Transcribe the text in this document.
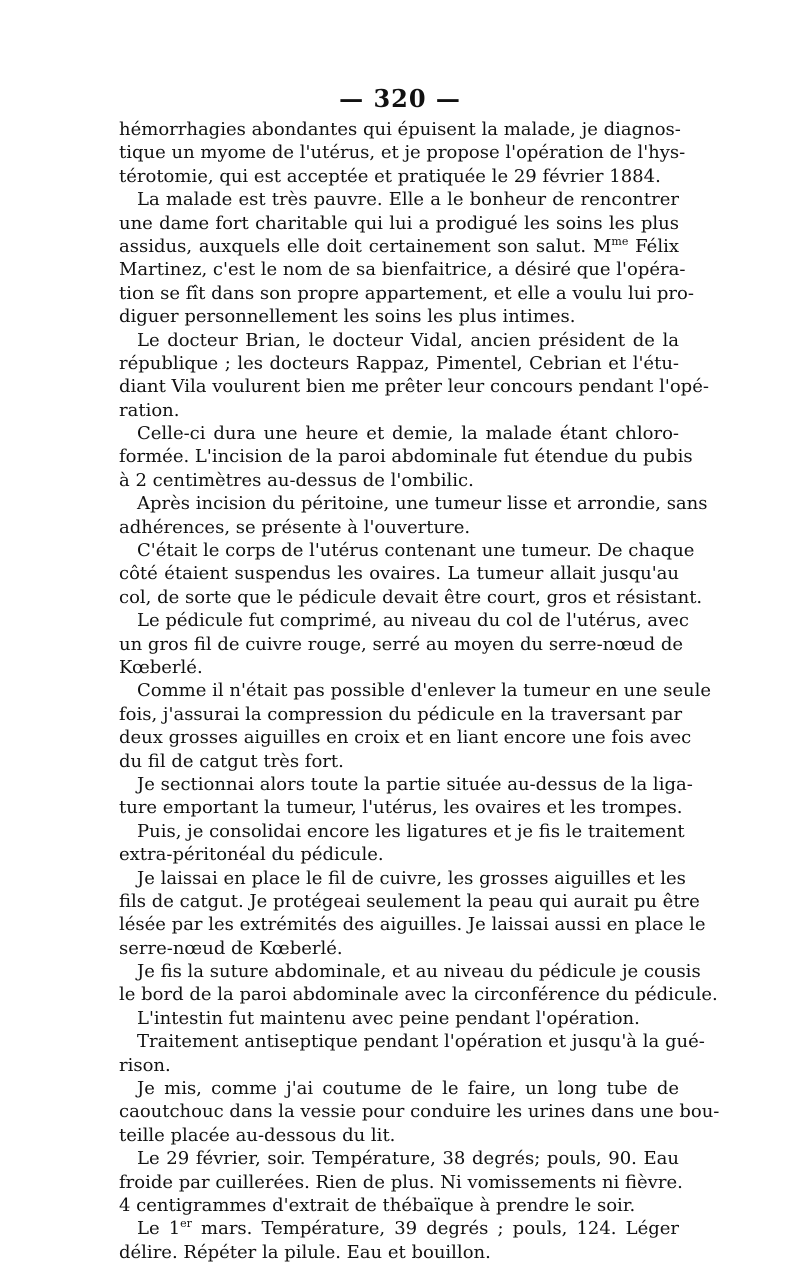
— 320 —
hémorrhagies abondantes qui épuisent la malade, je diagnos-
tique un myome de l'utérus, et je propose l'opération de l'hys-
térotomie, qui est acceptée et pratiquée le 29 février 1884.
La malade est très pauvre. Elle a le bonheur de rencontrer
une dame fort charitable qui lui a prodigué les soins les plus
assidus, auxquels elle doit certainement son salut. $M^{me}$ Félix
Martinez, c'est le nom de sa bienfaitrice, a désiré que l'opéra-
tion se fît dans son propre appartement, et elle a voulu lui pro-
diguer personnellement les soins les plus intimes.
Le docteur Brian, le docteur Vidal, ancien président de la
république ; les docteurs Rappaz, Pimentel, Cebrian et l'étu-
diant Vila voulurent bien me prêter leur concours pendant l'opé-
ration.
Celle-ci dura une heure et demie, la malade étant chloro-
formée. L'incision de la paroi abdominale fut étendue du pubis
à 2 centimètres au-dessus de l'ombilic.
Après incision du péritoine, une tumeur lisse et arrondie, sans
adhérences, se présente à l'ouverture.
C'était le corps de l'utérus contenant une tumeur. De chaque
côté étaient suspendus les ovaires. La tumeur allait jusqu'au
col, de sorte que le pédicule devait être court, gros et résistant.
Le pédicule fut comprimé, au niveau du col de l'utérus, avec
un gros fil de cuivre rouge, serré au moyen du serre-nœud de
Kœberlé.
Comme il n'était pas possible d'enlever la tumeur en une seule
fois, j'assurai la compression du pédicule en la traversant par
deux grosses aiguilles en croix et en liant encore une fois avec
du fil de catgut très fort.
Je sectionnai alors toute la partie située au-dessus de la liga-
ture emportant la tumeur, l'utérus, les ovaires et les trompes.
Puis, je consolidai encore les ligatures et je fis le traitement
extra-péritonéal du pédicule.
Je laissai en place le fil de cuivre, les grosses aiguilles et les
fils de catgut. Je protégeai seulement la peau qui aurait pu être
lésée par les extrémités des aiguilles. Je laissai aussi en place le
serre-nœud de Kœberlé.
Je fis la suture abdominale, et au niveau du pédicule je cousis
le bord de la paroi abdominale avec la circonférence du pédicule.
L'intestin fut maintenu avec peine pendant l'opération.
Traitement antiseptique pendant l'opération et jusqu'à la gué-
rison.
Je mis, comme j'ai coutume de le faire, un long tube de
caoutchouc dans la vessie pour conduire les urines dans une bou-
teille placée au-dessous du lit.
Le 29 février, soir. Température, 38 degrés; pouls, 90. Eau
froide par cuillerées. Rien de plus. Ni vomissements ni fièvre.
4 centigrammes d'extrait de thébaïque à prendre le soir.
Le 1er mars. Température, 39 degrés ; pouls, 124. Léger
délire. Répéter la pilule. Eau et bouillon.
